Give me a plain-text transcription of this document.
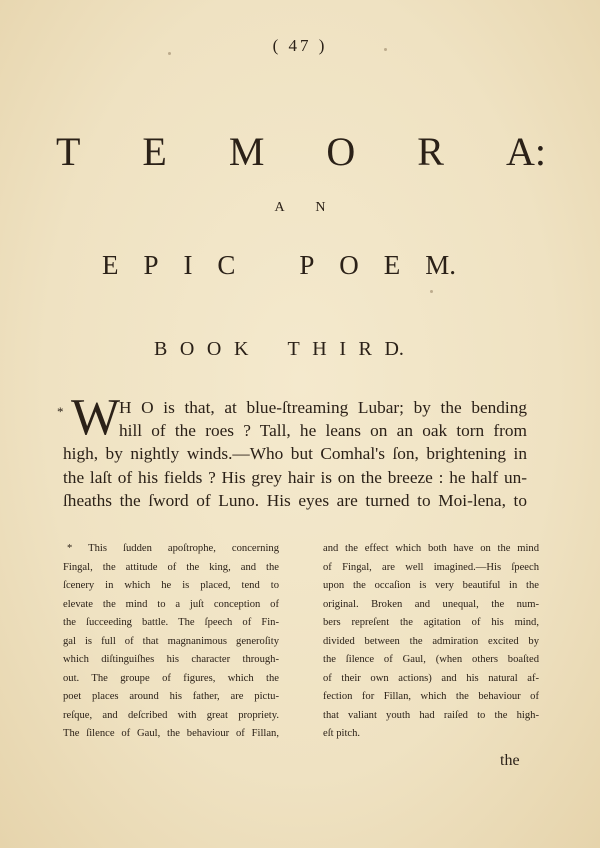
( 47 )
T E M O R A:
A N
E P I C P O E M.
B O O K T H I R D.
* W
H O is that, at blue-ſtreaming Lubar; by the bending
hill of the roes ? Tall, he leans on an oak torn from
high, by nightly winds.—Who but Comhal's ſon, brightening in
the laſt of his fields ? His grey hair is on the breeze : he half un-
ſheaths the ſword of Luno. His eyes are turned to Moi-lena, to
* This ſudden apoſtrophe, concerning
Fingal, the attitude of the king, and the
ſcenery in which he is placed, tend to
elevate the mind to a juſt conception of
the ſucceeding battle. The ſpeech of Fin-
gal is full of that magnanimous generoſity
which diſtinguiſhes his character through-
out. The groupe of figures, which the
poet places around his father, are pictu-
reſque, and deſcribed with great propriety.
The ſilence of Gaul, the behaviour of Fillan,
and the effect which both have on the mind
of Fingal, are well imagined.—His ſpeech
upon the occaſion is very beautiful in the
original. Broken and unequal, the num-
bers repreſent the agitation of his mind,
divided between the admiration excited by
the ſilence of Gaul, (when others boaſted
of their own actions) and his natural af-
fection for Fillan, which the behaviour of
that valiant youth had raiſed to the high-
eſt pitch.
the
